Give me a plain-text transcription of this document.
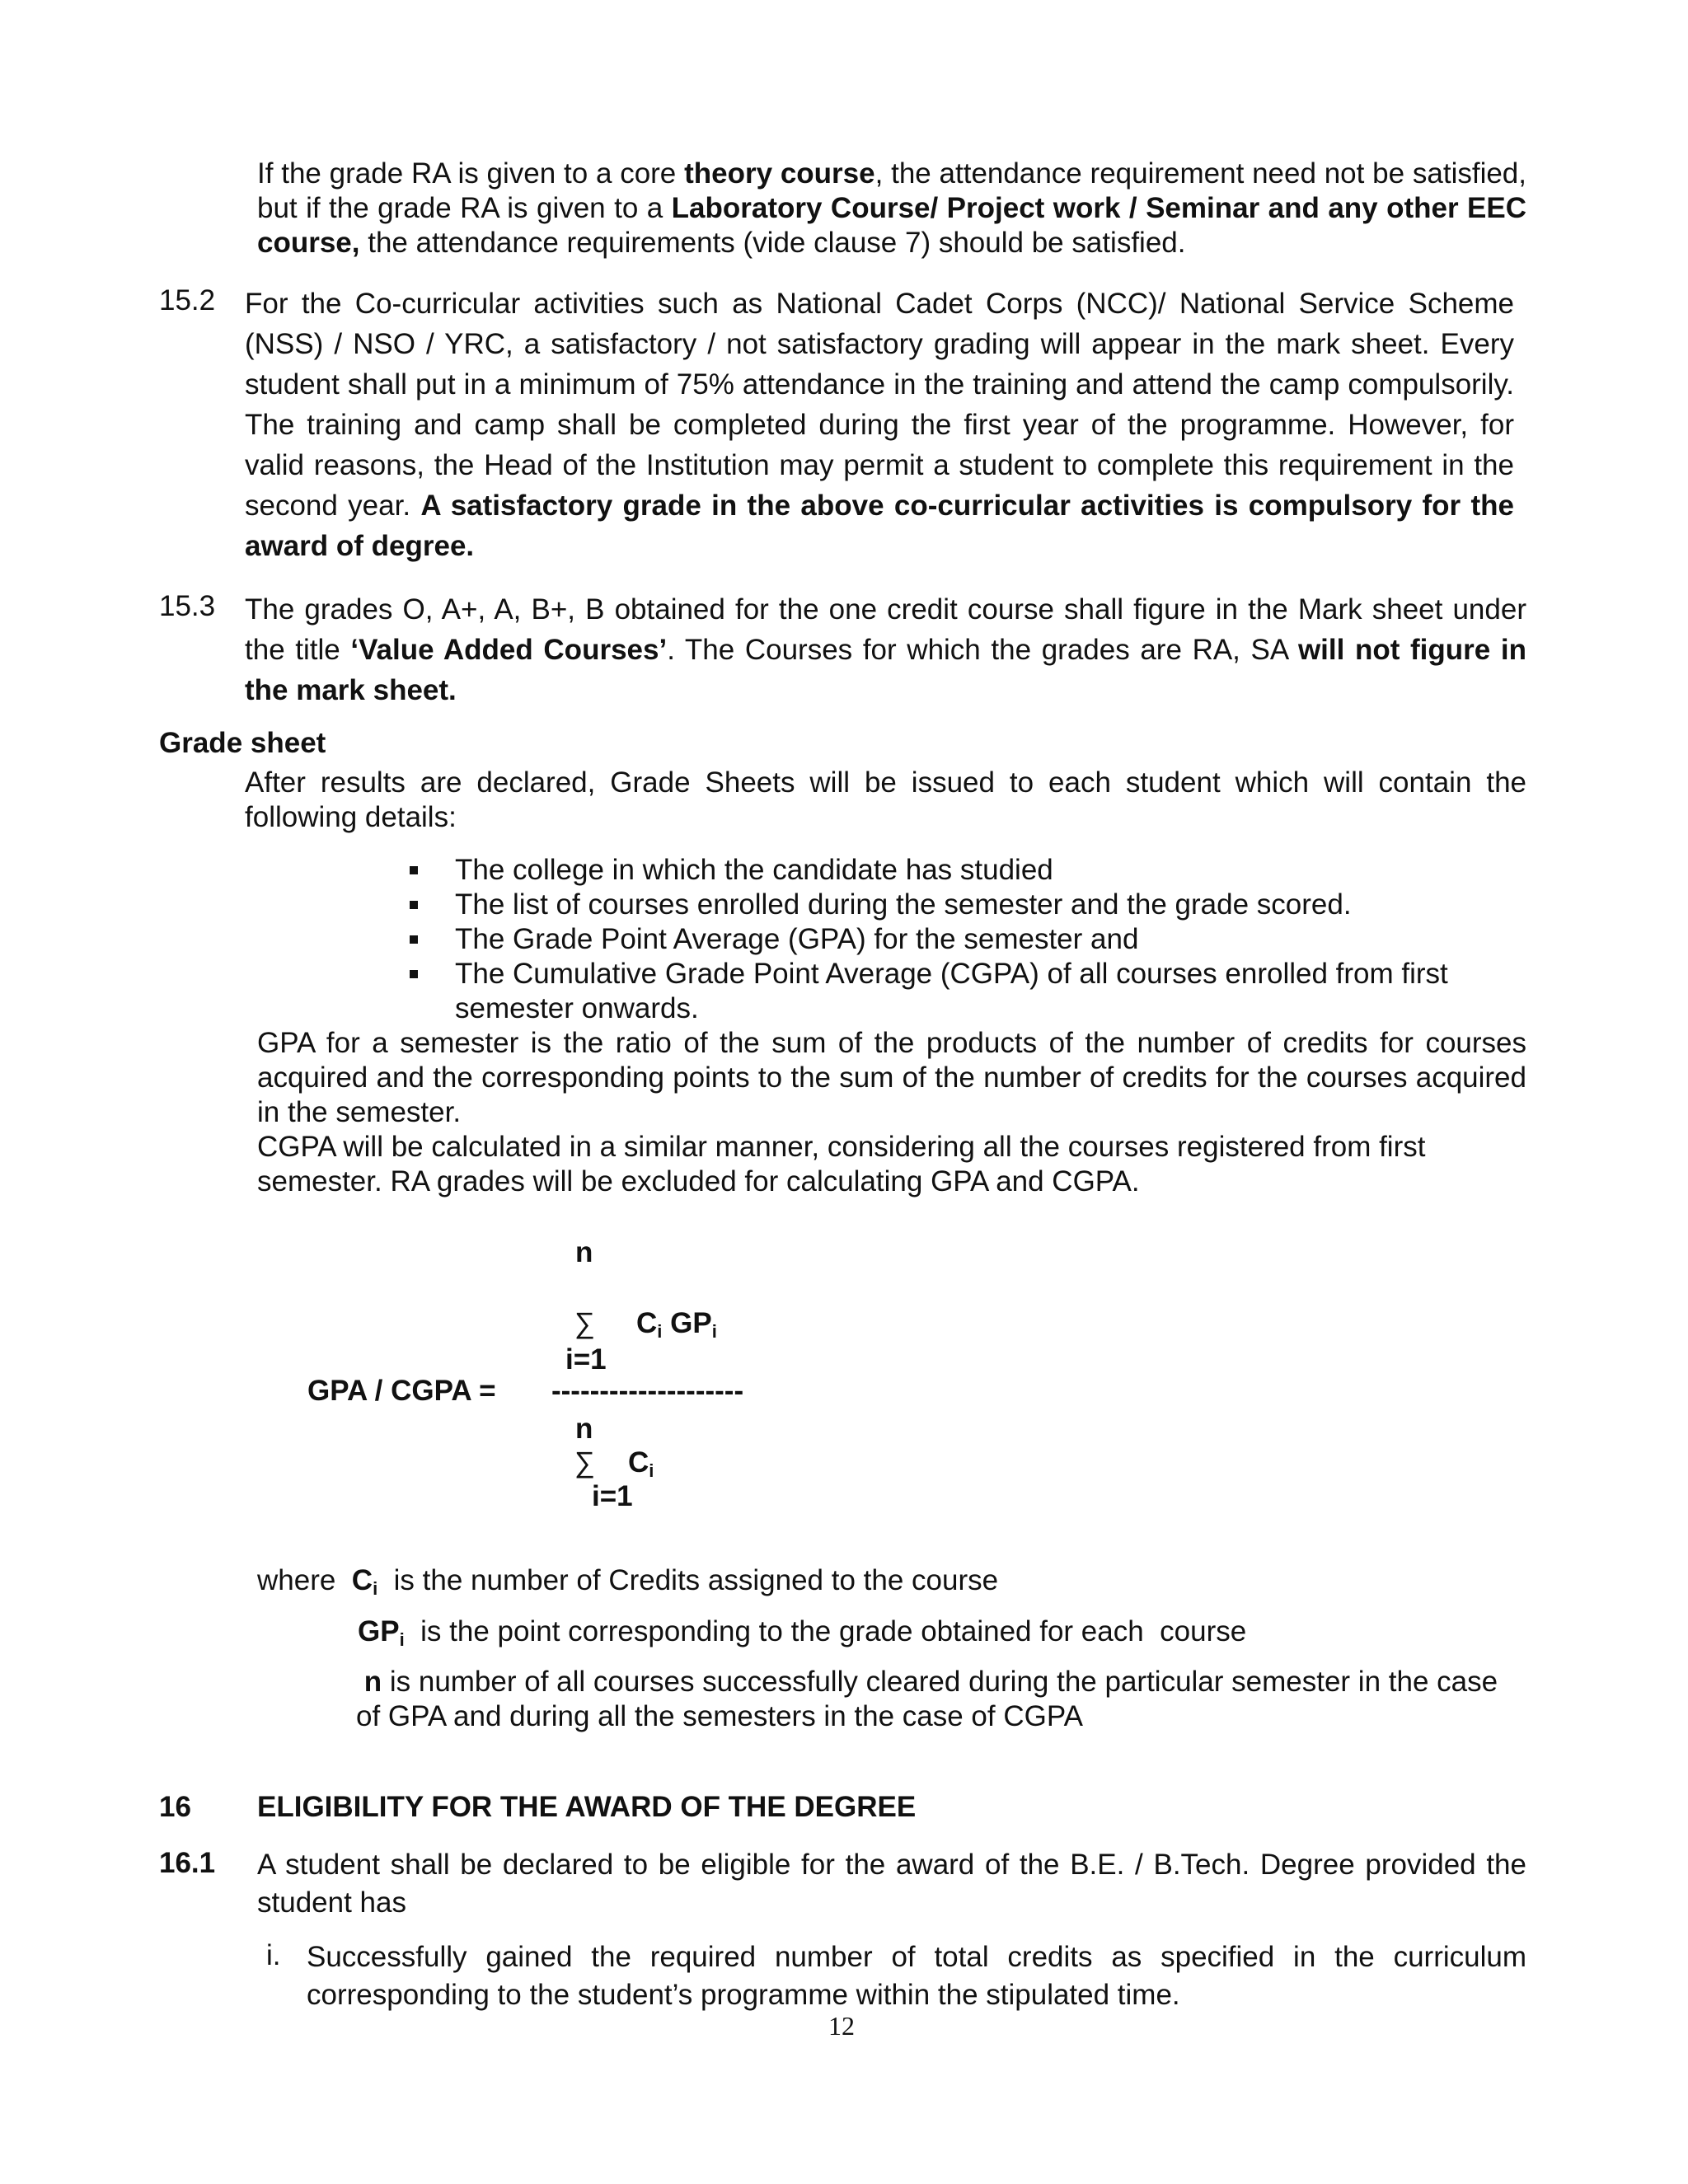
If the grade RA is given to a core theory course, the attendance requirement need not be satisfied, but if the grade RA is given to a Laboratory Course/ Project work / Seminar and any other EEC course, the attendance requirements (vide clause 7) should be satisfied.
15.2 For the Co-curricular activities such as National Cadet Corps (NCC)/ National Service Scheme (NSS) / NSO / YRC, a satisfactory / not satisfactory grading will appear in the mark sheet. Every student shall put in a minimum of 75% attendance in the training and attend the camp compulsorily. The training and camp shall be completed during the first year of the programme. However, for valid reasons, the Head of the Institution may permit a student to complete this requirement in the second year. A satisfactory grade in the above co-curricular activities is compulsory for the award of degree.
15.3 The grades O, A+, A, B+, B obtained for the one credit course shall figure in the Mark sheet under the title ‘Value Added Courses’. The Courses for which the grades are RA, SA will not figure in the mark sheet.
Grade sheet
After results are declared, Grade Sheets will be issued to each student which will contain the following details:
The college in which the candidate has studied
The list of courses enrolled during the semester and the grade scored.
The Grade Point Average (GPA) for the semester and
The Cumulative Grade Point Average (CGPA) of all courses enrolled from first semester onwards.
GPA for a semester is the ratio of the sum of the products of the number of credits for courses acquired and the corresponding points to the sum of the number of credits for the courses acquired in the semester.
CGPA will be calculated in a similar manner, considering all the courses registered from first semester. RA grades will be excluded for calculating GPA and CGPA.
n
∑ $C_i$ $GP_i$
i=1
GPA / CGPA = --------------------
n
∑ $C_i$
i=1
where  $C_i$  is the number of Credits assigned to the course
$GP_i$  is the point corresponding to the grade obtained for each  course
n is number of all courses successfully cleared during the particular semester in the case of GPA and during all the semesters in the case of CGPA
16 ELIGIBILITY FOR THE AWARD OF THE DEGREE
16.1 A student shall be declared to be eligible for the award of the B.E. / B.Tech. Degree provided the student has
i. Successfully gained the required number of total credits as specified in the curriculum corresponding to the student’s programme within the stipulated time.
12
